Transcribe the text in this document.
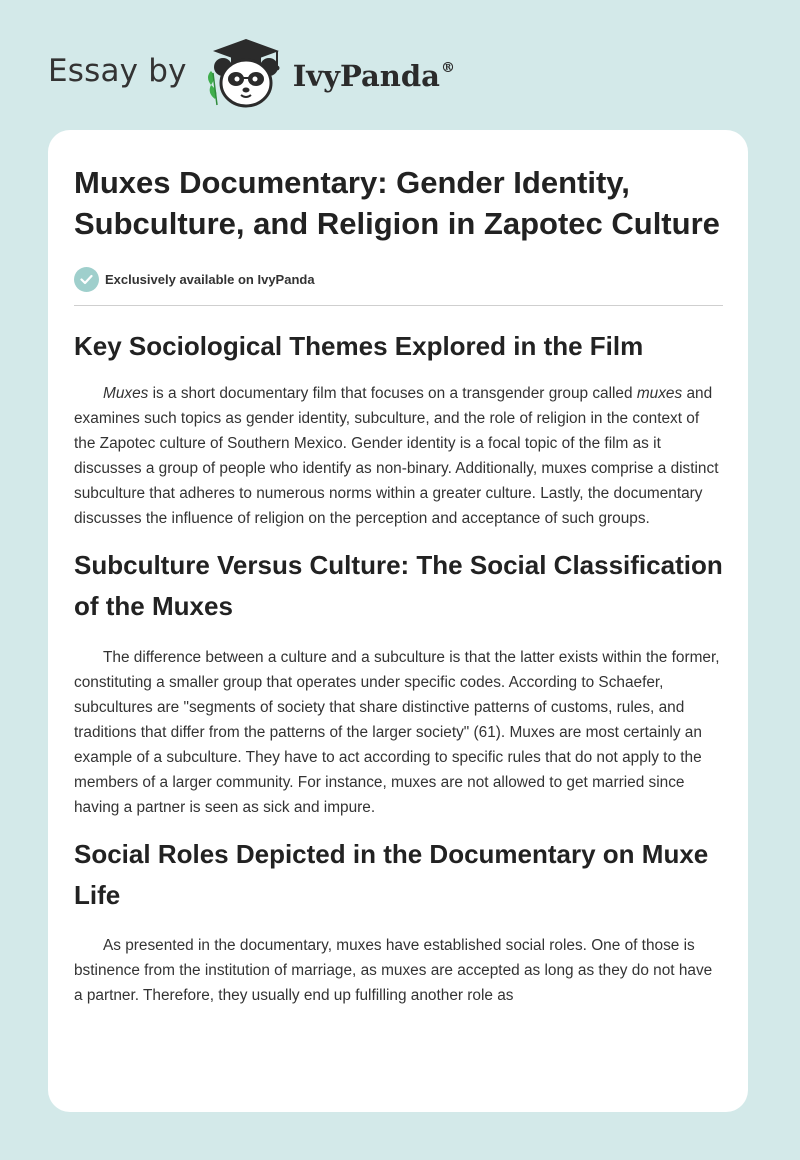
Essay by	IvyPanda®
Muxes Documentary: Gender Identity, Subculture, and Religion in Zapotec Culture
Exclusively available on IvyPanda
Key Sociological Themes Explored in the Film

Muxes is a short documentary film that focuses on a transgender group called muxes and examines such topics as gender identity, subculture, and the role of religion in the context of the Zapotec culture of Southern Mexico. Gender identity is a focal topic of the film as it discusses a group of people who identify as non-binary. Additionally, muxes comprise a distinct subculture that adheres to numerous norms within a greater culture. Lastly, the documentary discusses the influence of religion on the perception and acceptance of such groups.

Subculture Versus Culture: The Social Classification of the Muxes

The difference between a culture and a subculture is that the latter exists within the former, constituting a smaller group that operates under specific codes. According to Schaefer, subcultures are "segments of society that share distinctive patterns of customs, rules, and traditions that differ from the patterns of the larger society" (61). Muxes are most certainly an example of a subculture. They have to act according to specific rules that do not apply to the members of a larger community. For instance, muxes are not allowed to get married since having a partner is seen as sick and impure.

Social Roles Depicted in the Documentary on Muxe Life

As presented in the documentary, muxes have established social roles. One of those is bstinence from the institution of marriage, as muxes are accepted as long as they do not have a partner. Therefore, they usually end up fulfilling another role as
